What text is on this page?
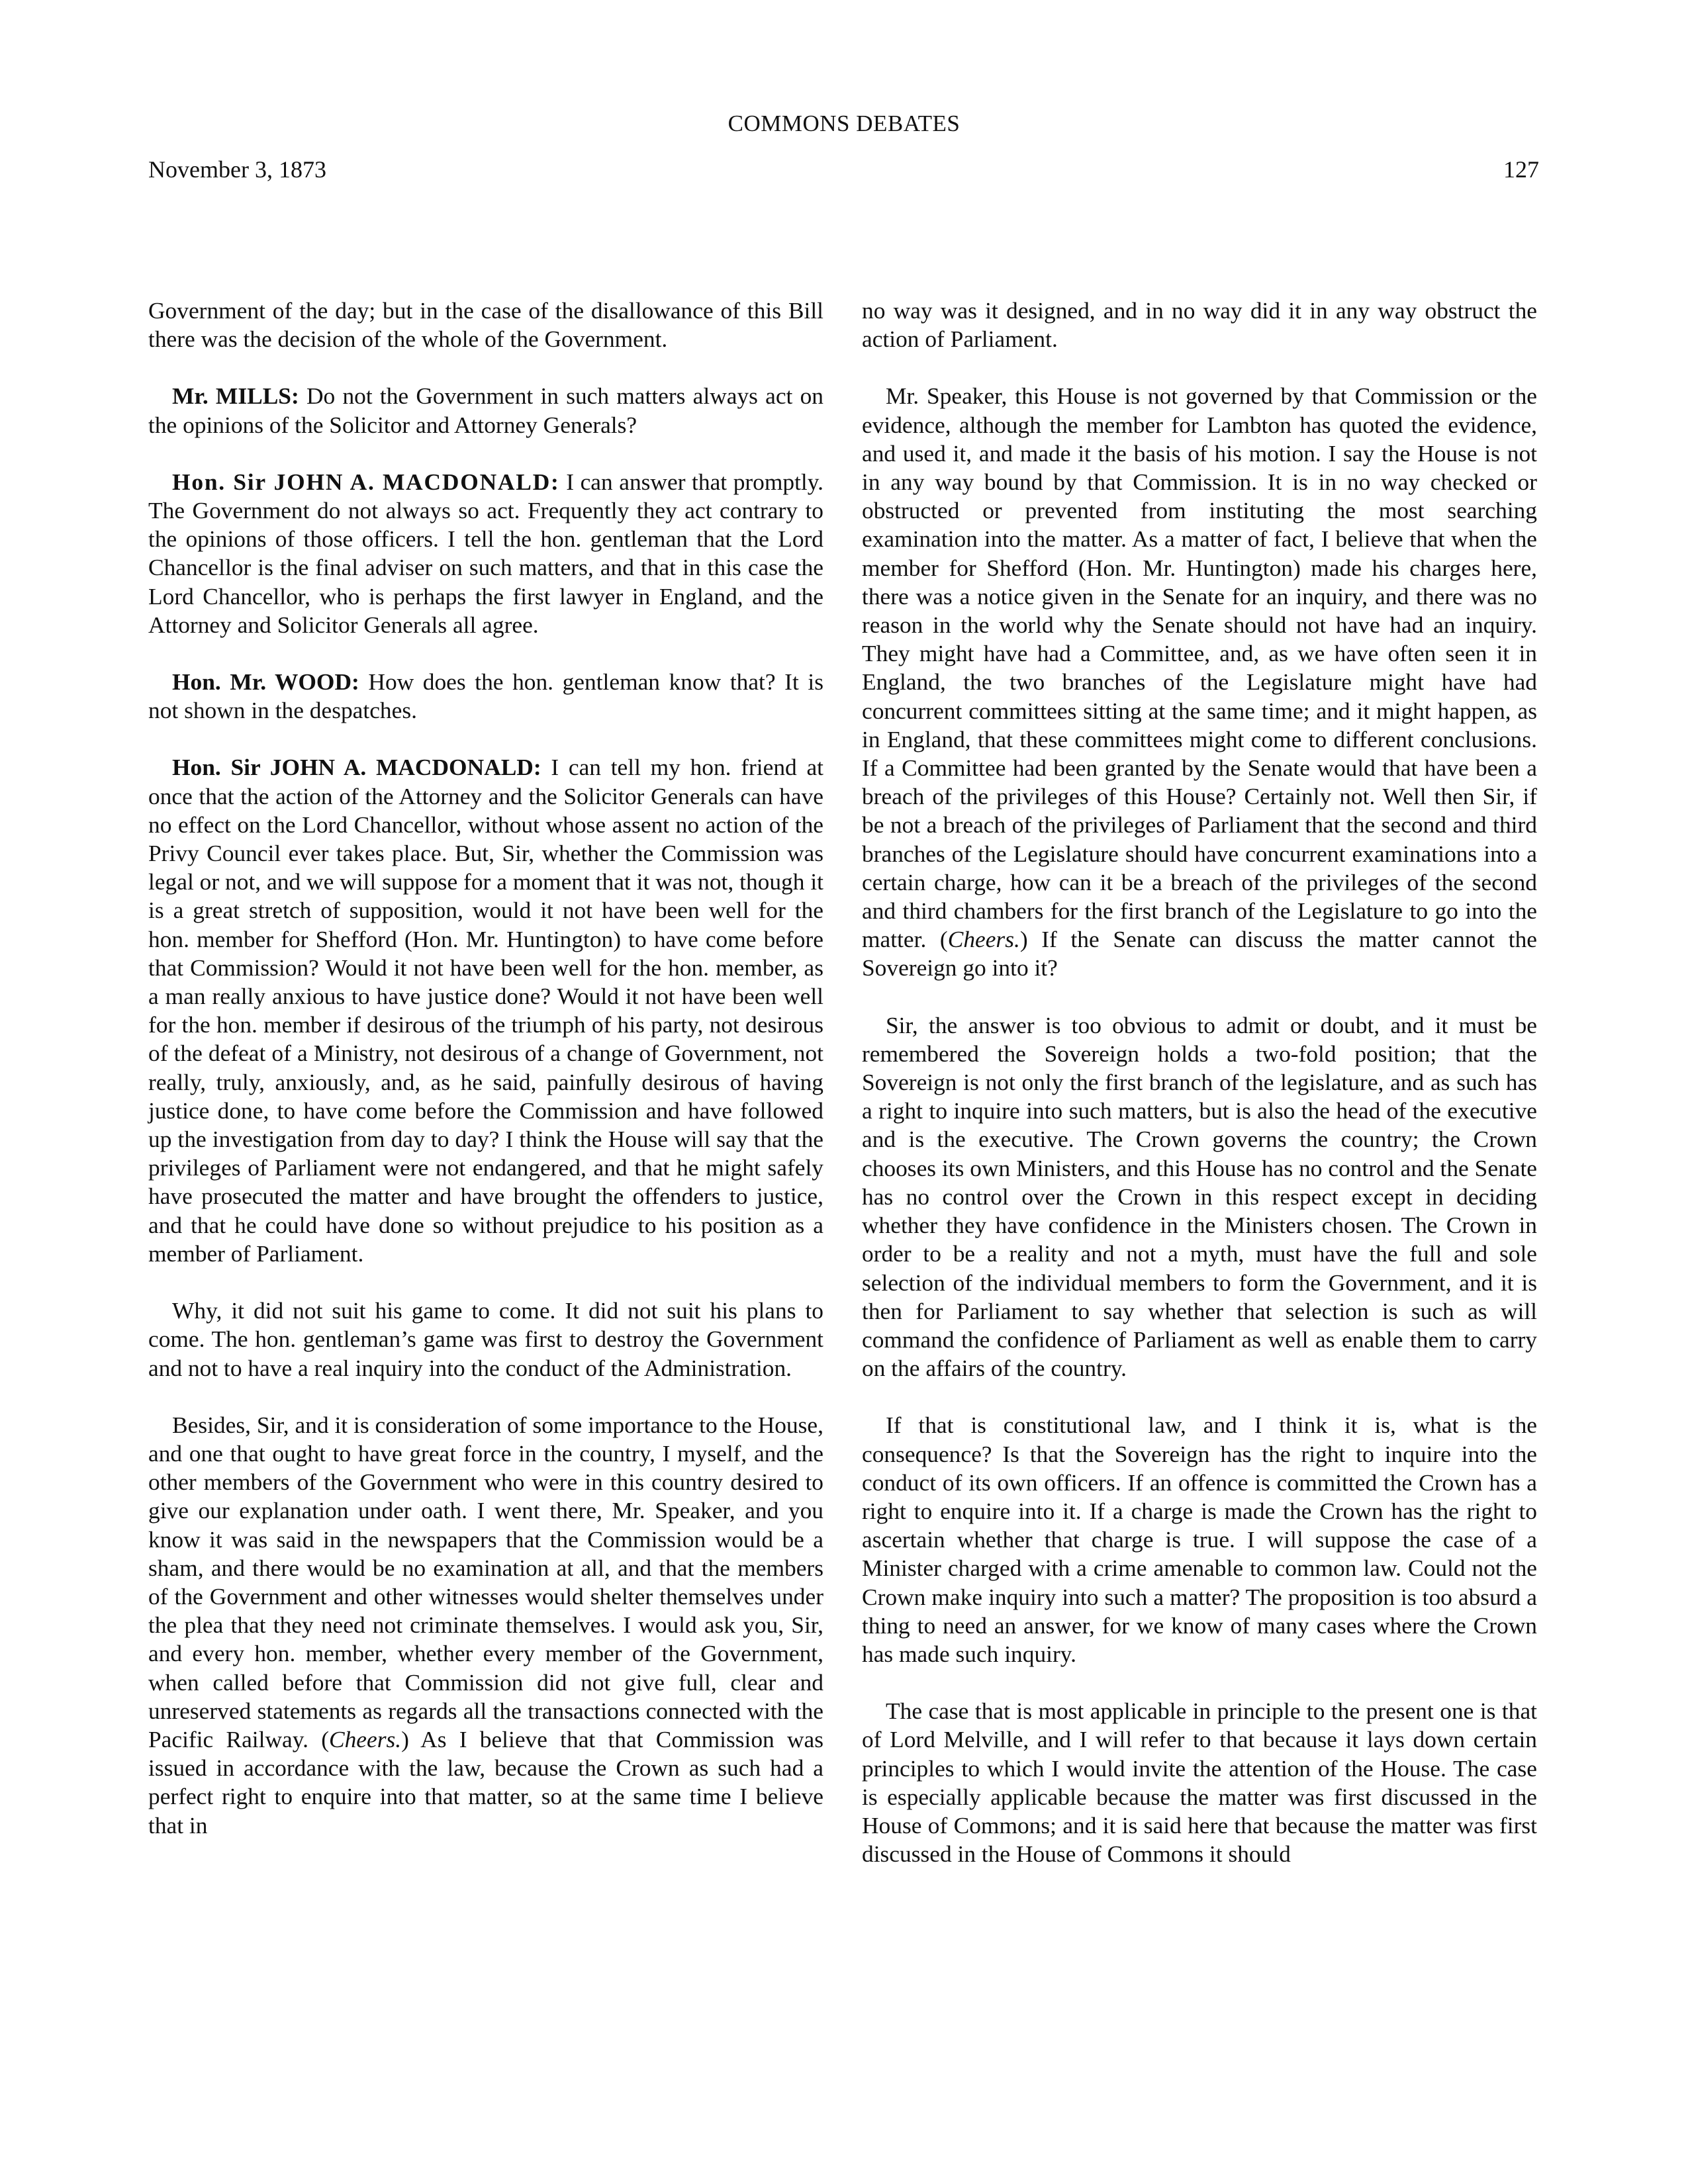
COMMONS DEBATES
November 3, 1873	127

Government of the day; but in the case of the disallowance of this Bill there was the decision of the whole of the Government.

Mr. MILLS: Do not the Government in such matters always act on the opinions of the Solicitor and Attorney Generals?

Hon. Sir JOHN A. MACDONALD: I can answer that promptly. The Government do not always so act. Frequently they act contrary to the opinions of those officers. I tell the hon. gentleman that the Lord Chancellor is the final adviser on such matters, and that in this case the Lord Chancellor, who is perhaps the first lawyer in England, and the Attorney and Solicitor Generals all agree.

Hon. Mr. WOOD: How does the hon. gentleman know that? It is not shown in the despatches.

Hon. Sir JOHN A. MACDONALD: I can tell my hon. friend at once that the action of the Attorney and the Solicitor Generals can have no effect on the Lord Chancellor, without whose assent no action of the Privy Council ever takes place. But, Sir, whether the Commission was legal or not, and we will suppose for a moment that it was not, though it is a great stretch of supposition, would it not have been well for the hon. member for Shefford (Hon. Mr. Huntington) to have come before that Commission? Would it not have been well for the hon. member, as a man really anxious to have justice done? Would it not have been well for the hon. member if desirous of the triumph of his party, not desirous of the defeat of a Ministry, not desirous of a change of Government, not really, truly, anxiously, and, as he said, painfully desirous of having justice done, to have come before the Commission and have followed up the investigation from day to day? I think the House will say that the privileges of Parliament were not endangered, and that he might safely have prosecuted the matter and have brought the offenders to justice, and that he could have done so without prejudice to his position as a member of Parliament.

Why, it did not suit his game to come. It did not suit his plans to come. The hon. gentleman’s game was first to destroy the Government and not to have a real inquiry into the conduct of the Administration.

Besides, Sir, and it is consideration of some importance to the House, and one that ought to have great force in the country, I myself, and the other members of the Government who were in this country desired to give our explanation under oath. I went there, Mr. Speaker, and you know it was said in the newspapers that the Commission would be a sham, and there would be no examination at all, and that the members of the Government and other witnesses would shelter themselves under the plea that they need not criminate themselves. I would ask you, Sir, and every hon. member, whether every member of the Government, when called before that Commission did not give full, clear and unreserved statements as regards all the transactions connected with the Pacific Railway. (Cheers.) As I believe that that Commission was issued in accordance with the law, because the Crown as such had a perfect right to enquire into that matter, so at the same time I believe that in

no way was it designed, and in no way did it in any way obstruct the action of Parliament.

Mr. Speaker, this House is not governed by that Commission or the evidence, although the member for Lambton has quoted the evidence, and used it, and made it the basis of his motion. I say the House is not in any way bound by that Commission. It is in no way checked or obstructed or prevented from instituting the most searching examination into the matter. As a matter of fact, I believe that when the member for Shefford (Hon. Mr. Huntington) made his charges here, there was a notice given in the Senate for an inquiry, and there was no reason in the world why the Senate should not have had an inquiry. They might have had a Committee, and, as we have often seen it in England, the two branches of the Legislature might have had concurrent committees sitting at the same time; and it might happen, as in England, that these committees might come to different conclusions. If a Committee had been granted by the Senate would that have been a breach of the privileges of this House? Certainly not. Well then Sir, if be not a breach of the privileges of Parliament that the second and third branches of the Legislature should have concurrent examinations into a certain charge, how can it be a breach of the privileges of the second and third chambers for the first branch of the Legislature to go into the matter. (Cheers.) If the Senate can discuss the matter cannot the Sovereign go into it?

Sir, the answer is too obvious to admit or doubt, and it must be remembered the Sovereign holds a two-fold position; that the Sovereign is not only the first branch of the legislature, and as such has a right to inquire into such matters, but is also the head of the executive and is the executive. The Crown governs the country; the Crown chooses its own Ministers, and this House has no control and the Senate has no control over the Crown in this respect except in deciding whether they have confidence in the Ministers chosen. The Crown in order to be a reality and not a myth, must have the full and sole selection of the individual members to form the Government, and it is then for Parliament to say whether that selection is such as will command the confidence of Parliament as well as enable them to carry on the affairs of the country.

If that is constitutional law, and I think it is, what is the consequence? Is that the Sovereign has the right to inquire into the conduct of its own officers. If an offence is committed the Crown has a right to enquire into it. If a charge is made the Crown has the right to ascertain whether that charge is true. I will suppose the case of a Minister charged with a crime amenable to common law. Could not the Crown make inquiry into such a matter? The proposition is too absurd a thing to need an answer, for we know of many cases where the Crown has made such inquiry.

The case that is most applicable in principle to the present one is that of Lord Melville, and I will refer to that because it lays down certain principles to which I would invite the attention of the House. The case is especially applicable because the matter was first discussed in the House of Commons; and it is said here that because the matter was first discussed in the House of Commons it should
